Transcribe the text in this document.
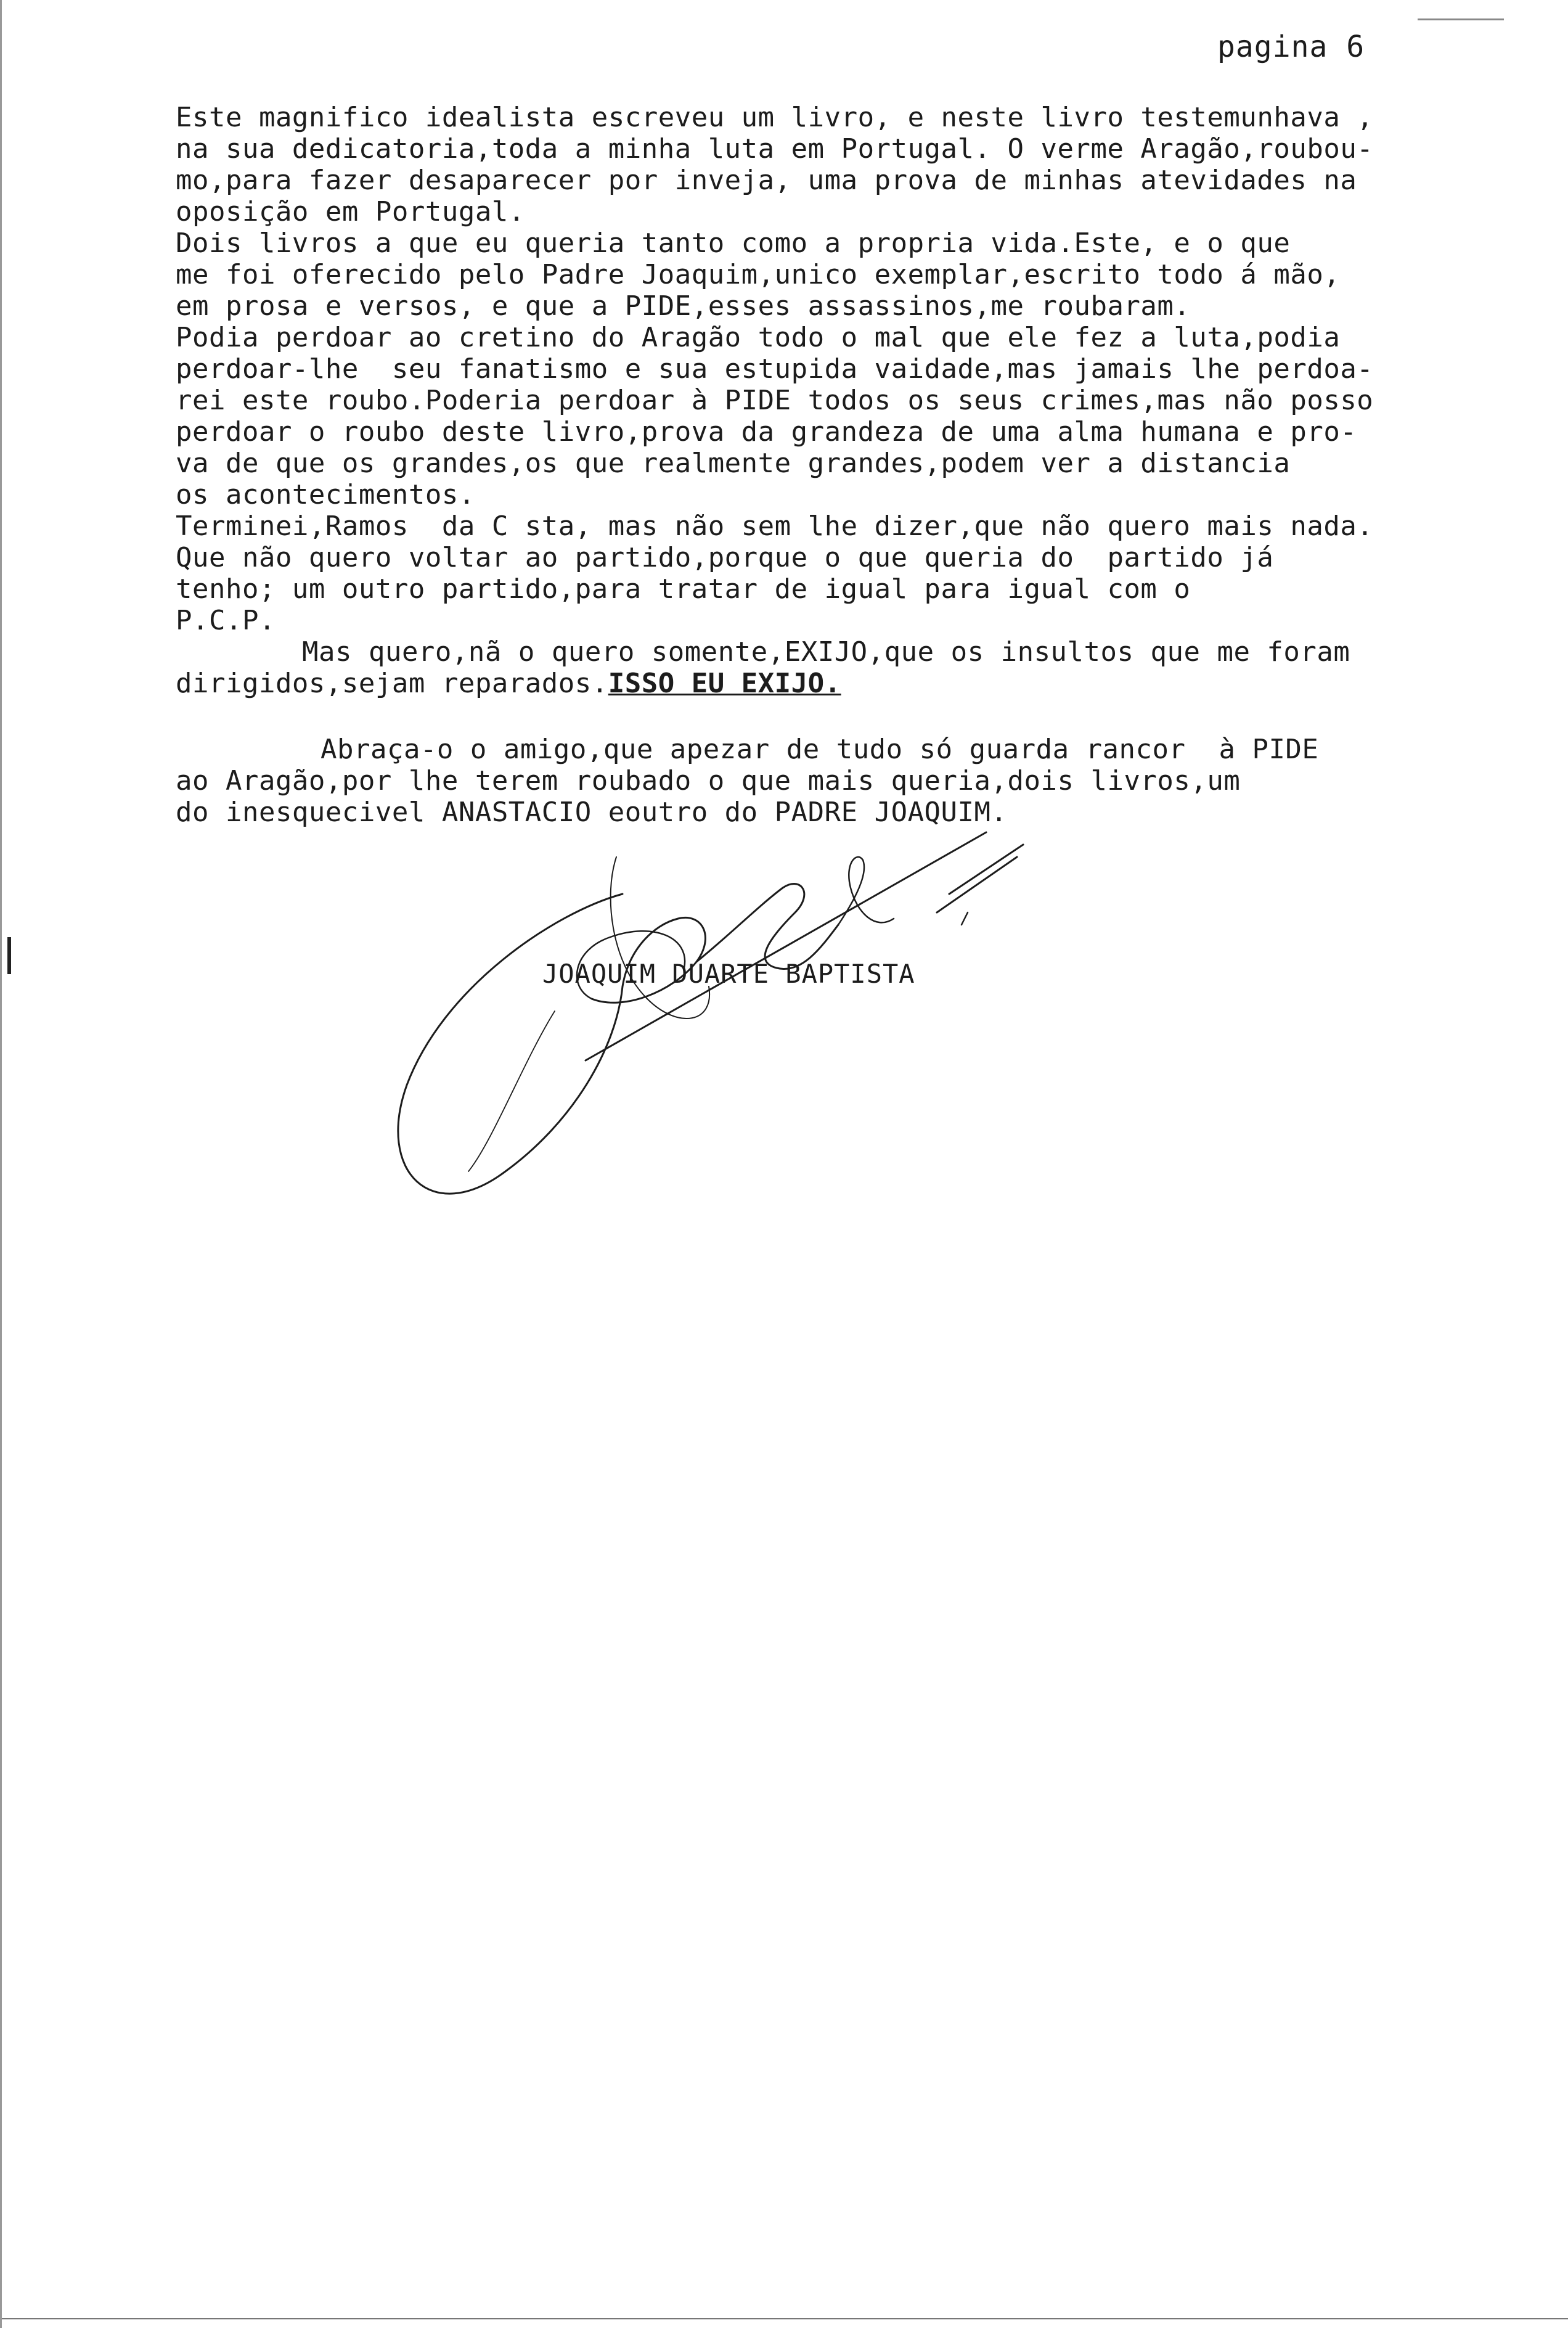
pagina 6
Este magnifico idealista escreveu um livro, e neste livro testemunhava ,
na sua dedicatoria,toda a minha luta em Portugal. O verme Aragão,roubou-
mo,para fazer desaparecer por inveja, uma prova de minhas atevidades na
oposição em Portugal.
Dois livros a que eu queria tanto como a propria vida.Este, e o que
me foi oferecido pelo Padre Joaquim,unico exemplar,escrito todo á mão,
em prosa e versos, e que a PIDE,esses assassinos,me roubaram.
Podia perdoar ao cretino do Aragão todo o mal que ele fez a luta,podia
perdoar-lhe  seu fanatismo e sua estupida vaidade,mas jamais lhe perdoa-
rei este roubo.Poderia perdoar à PIDE todos os seus crimes,mas não posso
perdoar o roubo deste livro,prova da grandeza de uma alma humana e pro-
va de que os grandes,os que realmente grandes,podem ver a distancia
os acontecimentos.
Terminei,Ramos  da C sta, mas não sem lhe dizer,que não quero mais nada.
Que não quero voltar ao partido,porque o que queria do  partido já
tenho; um outro partido,para tratar de igual para igual com o
P.C.P.
Mas quero,nã o quero somente,EXIJO,que os insultos que me foram
dirigidos,sejam reparados.ISSO EU EXIJO.
Abraça-o o amigo,que apezar de tudo só guarda rancor  à PIDE
ao Aragão,por lhe terem roubado o que mais queria,dois livros,um
do inesquecivel ANASTACIO eoutro do PADRE JOAQUIM.
JOAQUIM DUARTE BAPTISTA
